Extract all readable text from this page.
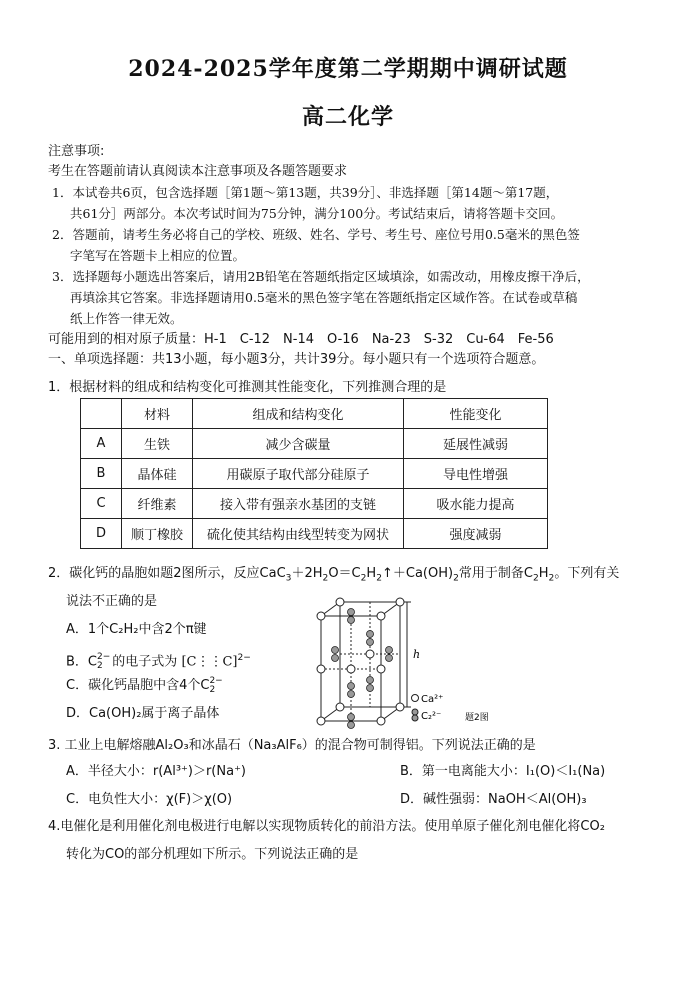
2024-2025学年度第二学期期中调研试题
高二化学
注意事项:
考生在答题前请认真阅读本注意事项及各题答题要求
1．本试卷共6页，包含选择题［第1题～第13题，共39分］、非选择题［第14题～第17题，
共61分］两部分。本次考试时间为75分钟，满分100分。考试结束后，请将答题卡交回。
2．答题前，请考生务必将自己的学校、班级、姓名、学号、考生号、座位号用0.5毫米的黑色签
字笔写在答题卡上相应的位置。
3．选择题每小题选出答案后，请用2B铅笔在答题纸指定区域填涂，如需改动，用橡皮擦干净后，
再填涂其它答案。非选择题请用0.5毫米的黑色签字笔在答题纸指定区域作答。在试卷或草稿
纸上作答一律无效。
可能用到的相对原子质量：H-1　C-12　N-14　O-16　Na-23　S-32　Cu-64　Fe-56
一、单项选择题：共13小题，每小题3分，共计39分。每小题只有一个选项符合题意。
1．根据材料的组成和结构变化可推测其性能变化，下列推测合理的是
	材料	组成和结构变化	性能变化
A	生铁	减少含碳量	延展性减弱
B	晶体硅	用碳原子取代部分硅原子	导电性增强
C	纤维素	接入带有强亲水基团的支链	吸水能力提高
D	顺丁橡胶	硫化使其结构由线型转变为网状	强度减弱
2．碳化钙的晶胞如题2图所示，反应$CaC_3+2H_2O=C_2H_2↑+Ca(OH)_2$常用于制备$C_2H_2$。下列有关
说法不正确的是
A．1个C₂H₂中含2个π键
B．C 2−
2 的电子式为 [C⋮⋮C]$^{2-}$
C．碳化钙晶胞中含4个C 2−
2
D．Ca(OH)₂属于离子晶体
h
Ca²⁺
C₂²⁻	题2图
3. 工业上电解熔融Al₂O₃和冰晶石（Na₃AlF₆）的混合物可制得铝。下列说法正确的是
A．半径大小：r(Al³⁺)＞r(Na⁺)	B．第一电离能大小：I₁(O)＜I₁(Na)
C．电负性大小：χ(F)＞χ(O)	D．碱性强弱：NaOH＜Al(OH)₃
4.电催化是利用催化剂电极进行电解以实现物质转化的前沿方法。使用单原子催化剂电催化将CO₂
转化为CO的部分机理如下所示。下列说法正确的是
